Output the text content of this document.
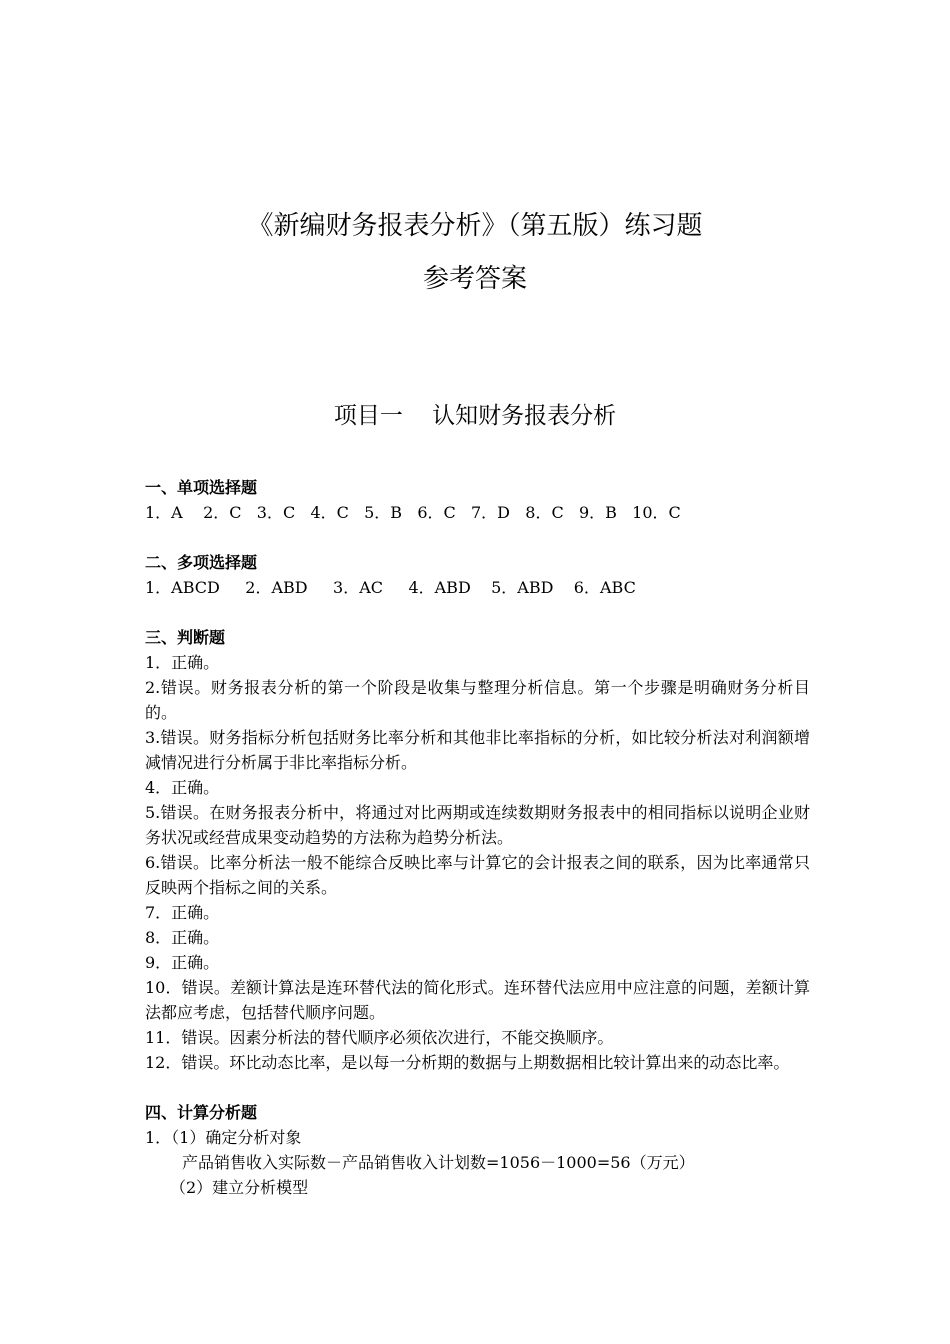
《新编财务报表分析》（第五版）练习题
参考答案
项目一    认知财务报表分析

一、单项选择题

1．A    2．C   3．C   4．C   5．B   6．C   7．D   8．C   9．B   10．C

二、多项选择题

1．ABCD     2．ABD     3．AC     4．ABD    5．ABD    6．ABC

三、判断题

1．正确。

2.错误。财务报表分析的第一个阶段是收集与整理分析信息。第一个步骤是明确财务分析目的。

3.错误。财务指标分析包括财务比率分析和其他非比率指标的分析，如比较分析法对利润额增减情况进行分析属于非比率指标分析。

4．正确。

5.错误。在财务报表分析中，将通过对比两期或连续数期财务报表中的相同指标以说明企业财务状况或经营成果变动趋势的方法称为趋势分析法。

6.错误。比率分析法一般不能综合反映比率与计算它的会计报表之间的联系，因为比率通常只反映两个指标之间的关系。

7．正确。

8．正确。

9．正确。

10．错误。差额计算法是连环替代法的简化形式。连环替代法应用中应注意的问题，差额计算法都应考虑，包括替代顺序问题。

11．错误。因素分析法的替代顺序必须依次进行，不能交换顺序。

12．错误。环比动态比率，是以每一分析期的数据与上期数据相比较计算出来的动态比率。

四、计算分析题

1．（1）确定分析对象

产品销售收入实际数－产品销售收入计划数=1056－1000=56（万元）

（2）建立分析模型
